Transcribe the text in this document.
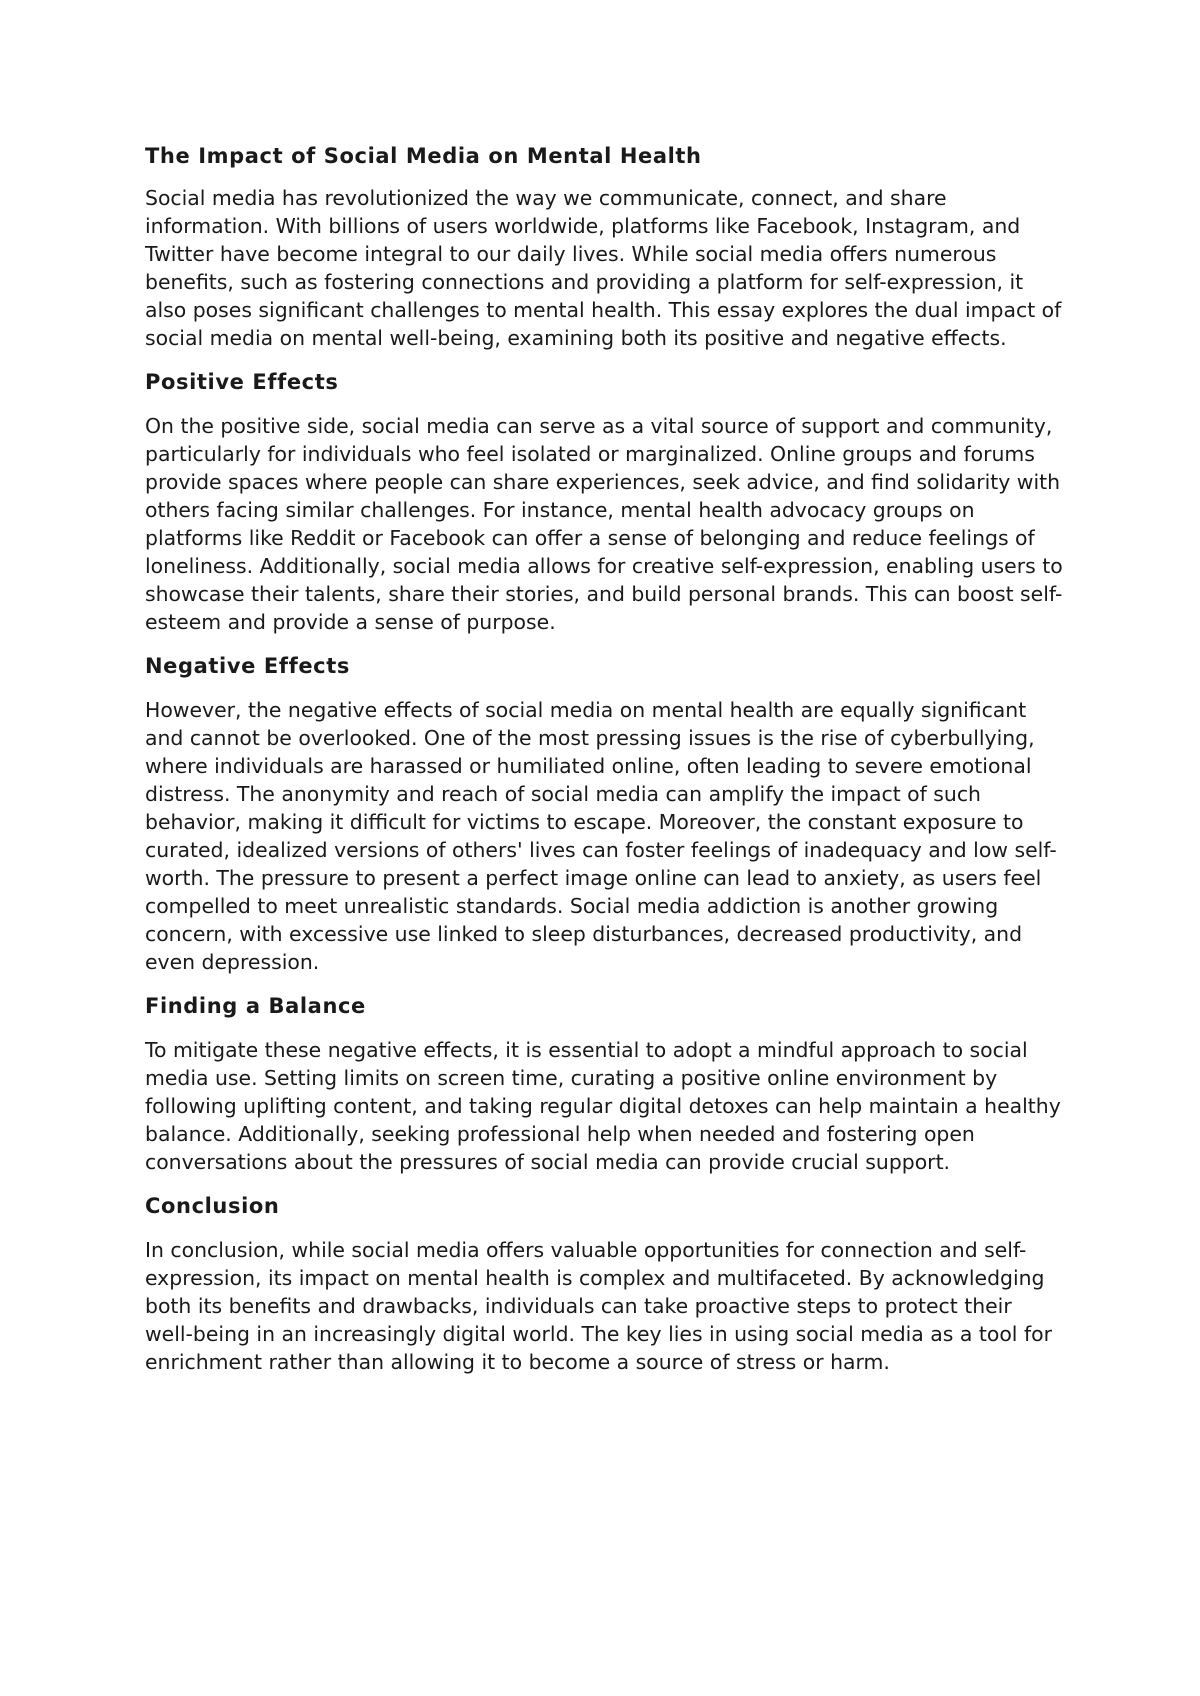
The Impact of Social Media on Mental Health

Social media has revolutionized the way we communicate, connect, and share information. With billions of users worldwide, platforms like Facebook, Instagram, and Twitter have become integral to our daily lives. While social media offers numerous benefits, such as fostering connections and providing a platform for self-expression, it also poses significant challenges to mental health. This essay explores the dual impact of social media on mental well-being, examining both its positive and negative effects.

Positive Effects

On the positive side, social media can serve as a vital source of support and community, particularly for individuals who feel isolated or marginalized. Online groups and forums provide spaces where people can share experiences, seek advice, and find solidarity with others facing similar challenges. For instance, mental health advocacy groups on platforms like Reddit or Facebook can offer a sense of belonging and reduce feelings of loneliness. Additionally, social media allows for creative self-expression, enabling users to showcase their talents, share their stories, and build personal brands. This can boost self-esteem and provide a sense of purpose.

Negative Effects

However, the negative effects of social media on mental health are equally significant and cannot be overlooked. One of the most pressing issues is the rise of cyberbullying, where individuals are harassed or humiliated online, often leading to severe emotional distress. The anonymity and reach of social media can amplify the impact of such behavior, making it difficult for victims to escape. Moreover, the constant exposure to curated, idealized versions of others' lives can foster feelings of inadequacy and low self-worth. The pressure to present a perfect image online can lead to anxiety, as users feel compelled to meet unrealistic standards. Social media addiction is another growing concern, with excessive use linked to sleep disturbances, decreased productivity, and even depression.

Finding a Balance

To mitigate these negative effects, it is essential to adopt a mindful approach to social media use. Setting limits on screen time, curating a positive online environment by following uplifting content, and taking regular digital detoxes can help maintain a healthy balance. Additionally, seeking professional help when needed and fostering open conversations about the pressures of social media can provide crucial support.

Conclusion

In conclusion, while social media offers valuable opportunities for connection and self-expression, its impact on mental health is complex and multifaceted. By acknowledging both its benefits and drawbacks, individuals can take proactive steps to protect their well-being in an increasingly digital world. The key lies in using social media as a tool for enrichment rather than allowing it to become a source of stress or harm.
